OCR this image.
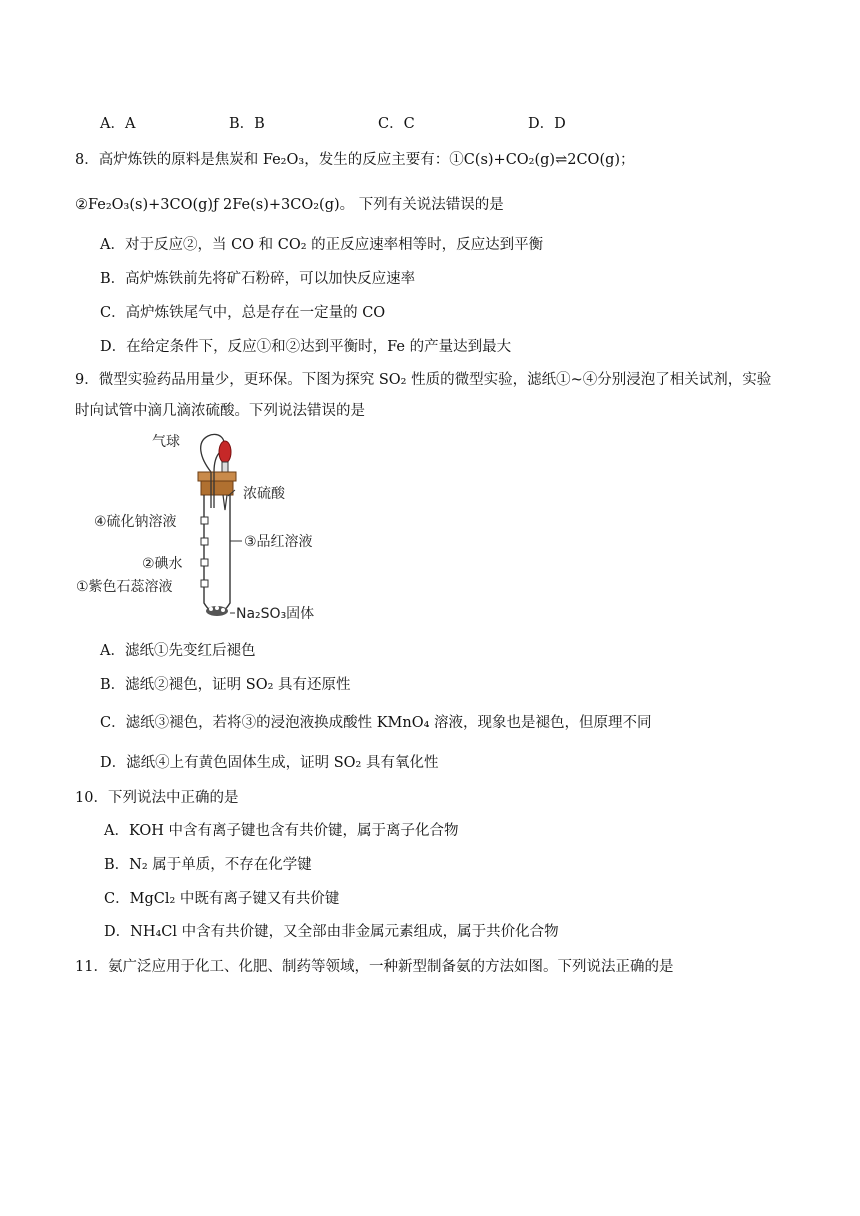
A．A	B．B	C．C	D．D
8．高炉炼铁的原料是焦炭和 Fe₂O₃，发生的反应主要有：①C(s)+CO₂(g)⇌2CO(g)；
②Fe₂O₃(s)+3CO(g)ƒ 2Fe(s)+3CO₂(g)。 下列有关说法错误的是
A．对于反应②，当 CO 和 CO₂ 的正反应速率相等时，反应达到平衡
B．高炉炼铁前先将矿石粉碎，可以加快反应速率
C．高炉炼铁尾气中，总是存在一定量的 CO
D．在给定条件下，反应①和②达到平衡时，Fe 的产量达到最大
9．微型实验药品用量少，更环保。下图为探究 SO₂ 性质的微型实验，滤纸①~④分别浸泡了相关试剂，实验
时向试管中滴几滴浓硫酸。下列说法错误的是
气球
浓硫酸
④硫化钠溶液
③品红溶液
②碘水
①紫色石蕊溶液
Na₂SO₃固体
A．滤纸①先变红后褪色
B．滤纸②褪色，证明 SO₂ 具有还原性
C．滤纸③褪色，若将③的浸泡液换成酸性 KMnO₄ 溶液，现象也是褪色，但原理不同
D．滤纸④上有黄色固体生成，证明 SO₂ 具有氧化性
10．下列说法中正确的是
A．KOH 中含有离子键也含有共价键，属于离子化合物
B．N₂ 属于单质，不存在化学键
C．MgCl₂ 中既有离子键又有共价键
D．NH₄Cl 中含有共价键，又全部由非金属元素组成，属于共价化合物
11．氨广泛应用于化工、化肥、制药等领域，一种新型制备氨的方法如图。下列说法正确的是
